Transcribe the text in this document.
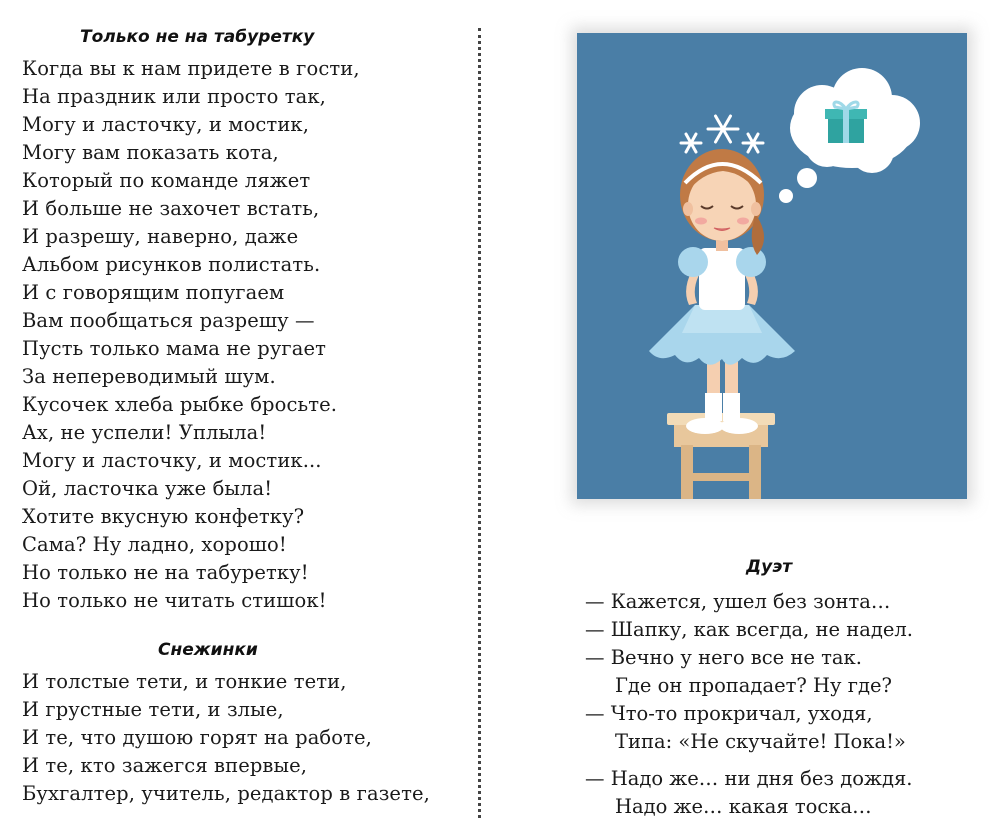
Только не на табуретку
Когда вы к нам придете в гости,
На праздник или просто так,
Могу и ласточку, и мостик,
Могу вам показать кота,
Который по команде ляжет
И больше не захочет встать,
И разрешу, наверно, даже
Альбом рисунков полистать.
И с говорящим попугаем
Вам пообщаться разрешу —
Пусть только мама не ругает
За непереводимый шум.
Кусочек хлеба рыбке бросьте.
Ах, не успели! Уплыла!
Могу и ласточку, и мостик...
Ой, ласточка уже была!
Хотите вкусную конфетку?
Сама? Ну ладно, хорошо!
Но только не на табуретку!
Но только не читать стишок!
Снежинки
И толстые тети, и тонкие тети,
И грустные тети, и злые,
И те, что душою горят на работе,
И те, кто зажегся впервые,
Бухгалтер, учитель, редактор в газете,
Дуэт
— Кажется, ушел без зонта…
— Шапку, как всегда, не надел.
— Вечно у него все не так.
Где он пропадает? Ну где?
— Что-то прокричал, уходя,
Типа: «Не скучайте! Пока!»
— Надо же… ни дня без дождя.
Надо же… какая тоска…
